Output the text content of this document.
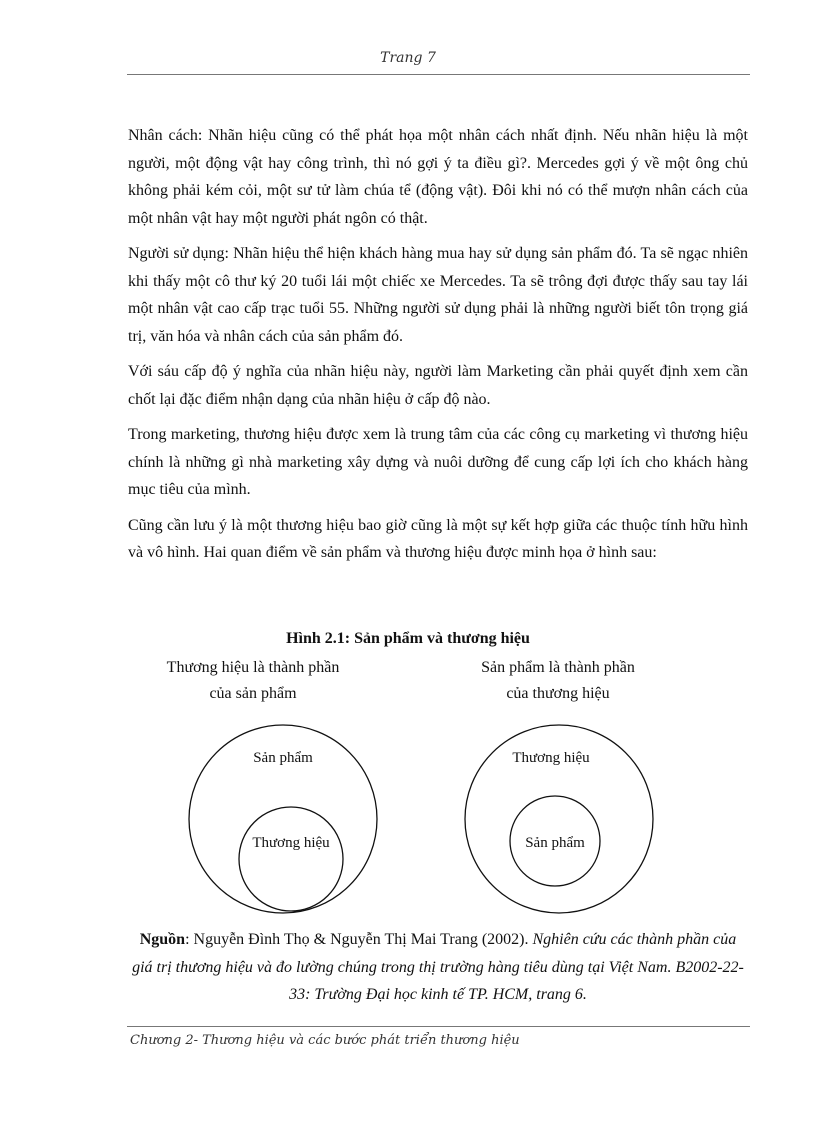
Trang 7

Nhân cách: Nhãn hiệu cũng có thể phát họa một nhân cách nhất định. Nếu nhãn hiệu là một người, một động vật hay công trình, thì nó gợi ý ta điều gì?. Mercedes gợi ý về một ông chủ không phải kém cỏi, một sư tử làm chúa tể (động vật). Đôi khi nó có thể mượn nhân cách của một nhân vật hay một người phát ngôn có thật.

Người sử dụng: Nhãn hiệu thể hiện khách hàng mua hay sử dụng sản phẩm đó. Ta sẽ ngạc nhiên khi thấy một cô thư ký 20 tuổi lái một chiếc xe Mercedes. Ta sẽ trông đợi được thấy sau tay lái một nhân vật cao cấp trạc tuổi 55. Những người sử dụng phải là những người biết tôn trọng giá trị, văn hóa và nhân cách của sản phẩm đó.

Với sáu cấp độ ý nghĩa của nhãn hiệu này, người làm Marketing cần phải quyết định xem cần chốt lại đặc điểm nhận dạng của nhãn hiệu ở cấp độ nào.

Trong marketing, thương hiệu được xem là trung tâm của các công cụ marketing vì thương hiệu chính là những gì nhà marketing xây dựng và nuôi dưỡng để cung cấp lợi ích cho khách hàng mục tiêu của mình.

Cũng cần lưu ý là một thương hiệu bao giờ cũng là một sự kết hợp giữa các thuộc tính hữu hình và vô hình. Hai quan điểm về sản phẩm và thương hiệu được minh họa ở hình sau:

Hình 2.1: Sản phẩm và thương hiệu
Thương hiệu là thành phần
của sản phẩm
Sản phẩm là thành phần
của thương hiệu
Sản phẩm
Thương hiệu
Thương hiệu
Sản phẩm
Nguồn: Nguyễn Đình Thọ & Nguyễn Thị Mai Trang (2002). Nghiên cứu các thành phần của giá trị thương hiệu và đo lường chúng trong thị trường hàng tiêu dùng tại Việt Nam. B2002-22-33: Trường Đại học kinh tế TP. HCM, trang 6.
Chương 2- Thương hiệu và các bước phát triển thương hiệu
